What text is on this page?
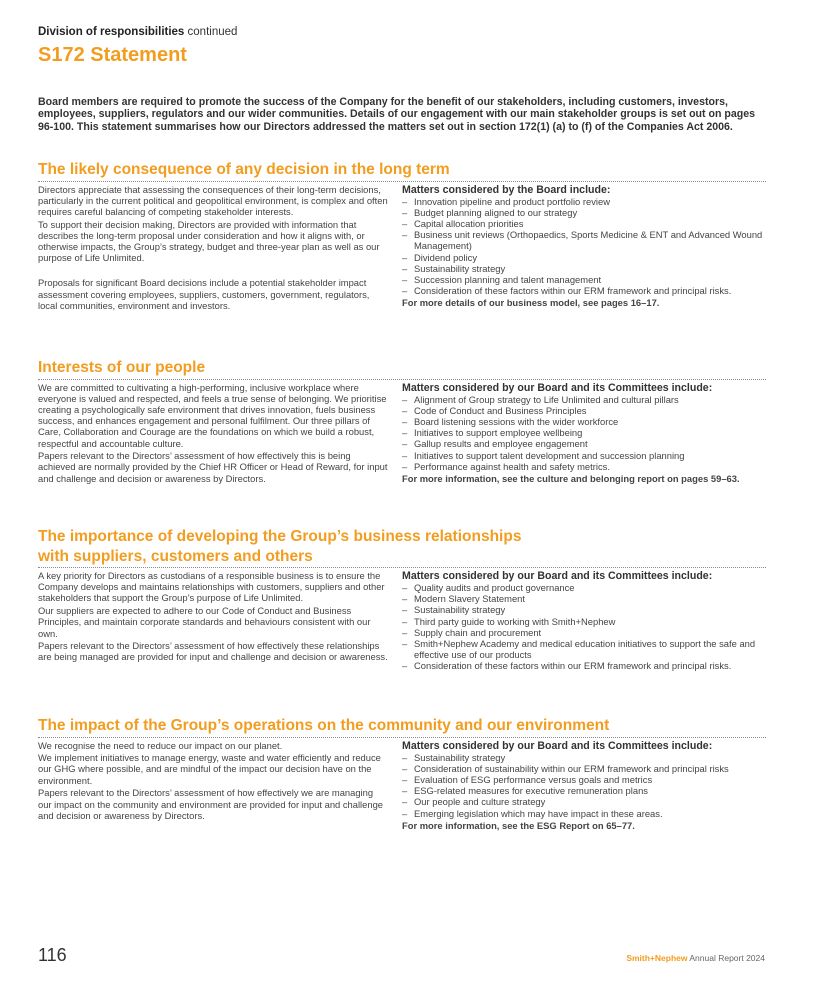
Division of responsibilities continued
S172 Statement
Board members are required to promote the success of the Company for the benefit of our stakeholders, including customers, investors, employees, suppliers, regulators and our wider communities. Details of our engagement with our main stakeholder groups is set out on pages 96-100. This statement summarises how our Directors addressed the matters set out in section 172(1) (a) to (f) of the Companies Act 2006.
The likely consequence of any decision in the long term

Directors appreciate that assessing the consequences of their long-term decisions, particularly in the current political and geopolitical environment, is complex and often requires careful balancing of competing stakeholder interests.

To support their decision making, Directors are provided with information that describes the long-term proposal under consideration and how it aligns with, or otherwise impacts, the Group’s strategy, budget and three-year plan as well as our purpose of Life Unlimited.

Proposals for significant Board decisions include a potential stakeholder impact assessment covering employees, suppliers, customers, government, regulators, local communities, environment and investors.

Matters considered by the Board include:
– Innovation pipeline and product portfolio review
– Budget planning aligned to our strategy
– Capital allocation priorities
– Business unit reviews (Orthopaedics, Sports Medicine & ENT and Advanced Wound Management)
– Dividend policy
– Sustainability strategy
– Succession planning and talent management
– Consideration of these factors within our ERM framework and principal risks.
For more details of our business model, see pages 16–17.
Interests of our people

We are committed to cultivating a high-performing, inclusive workplace where everyone is valued and respected, and feels a true sense of belonging. We prioritise creating a psychologically safe environment that drives innovation, fuels business success, and enhances engagement and personal fulfilment. Our three pillars of Care, Collaboration and Courage are the foundations on which we build a robust, respectful and accountable culture.

Papers relevant to the Directors’ assessment of how effectively this is being achieved are normally provided by the Chief HR Officer or Head of Reward, for input and challenge and decision or awareness by Directors.

Matters considered by our Board and its Committees include:
– Alignment of Group strategy to Life Unlimited and cultural pillars
– Code of Conduct and Business Principles
– Board listening sessions with the wider workforce
– Initiatives to support employee wellbeing
– Gallup results and employee engagement
– Initiatives to support talent development and succession planning
– Performance against health and safety metrics.
For more information, see the culture and belonging report on pages 59–63.
The importance of developing the Group’s business relationships with suppliers, customers and others

A key priority for Directors as custodians of a responsible business is to ensure the Company develops and maintains relationships with customers, suppliers and other stakeholders that support the Group’s purpose of Life Unlimited.

Our suppliers are expected to adhere to our Code of Conduct and Business Principles, and maintain corporate standards and behaviours consistent with our own.

Papers relevant to the Directors’ assessment of how effectively these relationships are being managed are provided for input and challenge and decision or awareness.

Matters considered by our Board and its Committees include:
– Quality audits and product governance
– Modern Slavery Statement
– Sustainability strategy
– Third party guide to working with Smith+Nephew
– Supply chain and procurement
– Smith+Nephew Academy and medical education initiatives to support the safe and effective use of our products
– Consideration of these factors within our ERM framework and principal risks.
The impact of the Group’s operations on the community and our environment

We recognise the need to reduce our impact on our planet.

We implement initiatives to manage energy, waste and water efficiently and reduce our GHG where possible, and are mindful of the impact our decision have on the environment.

Papers relevant to the Directors’ assessment of how effectively we are managing our impact on the community and environment are provided for input and challenge and decision or awareness by Directors.

Matters considered by our Board and its Committees include:
– Sustainability strategy
– Consideration of sustainability within our ERM framework and principal risks
– Evaluation of ESG performance versus goals and metrics
– ESG-related measures for executive remuneration plans
– Our people and culture strategy
– Emerging legislation which may have impact in these areas.
For more information, see the ESG Report on 65–77.
116	Smith+Nephew Annual Report 2024
